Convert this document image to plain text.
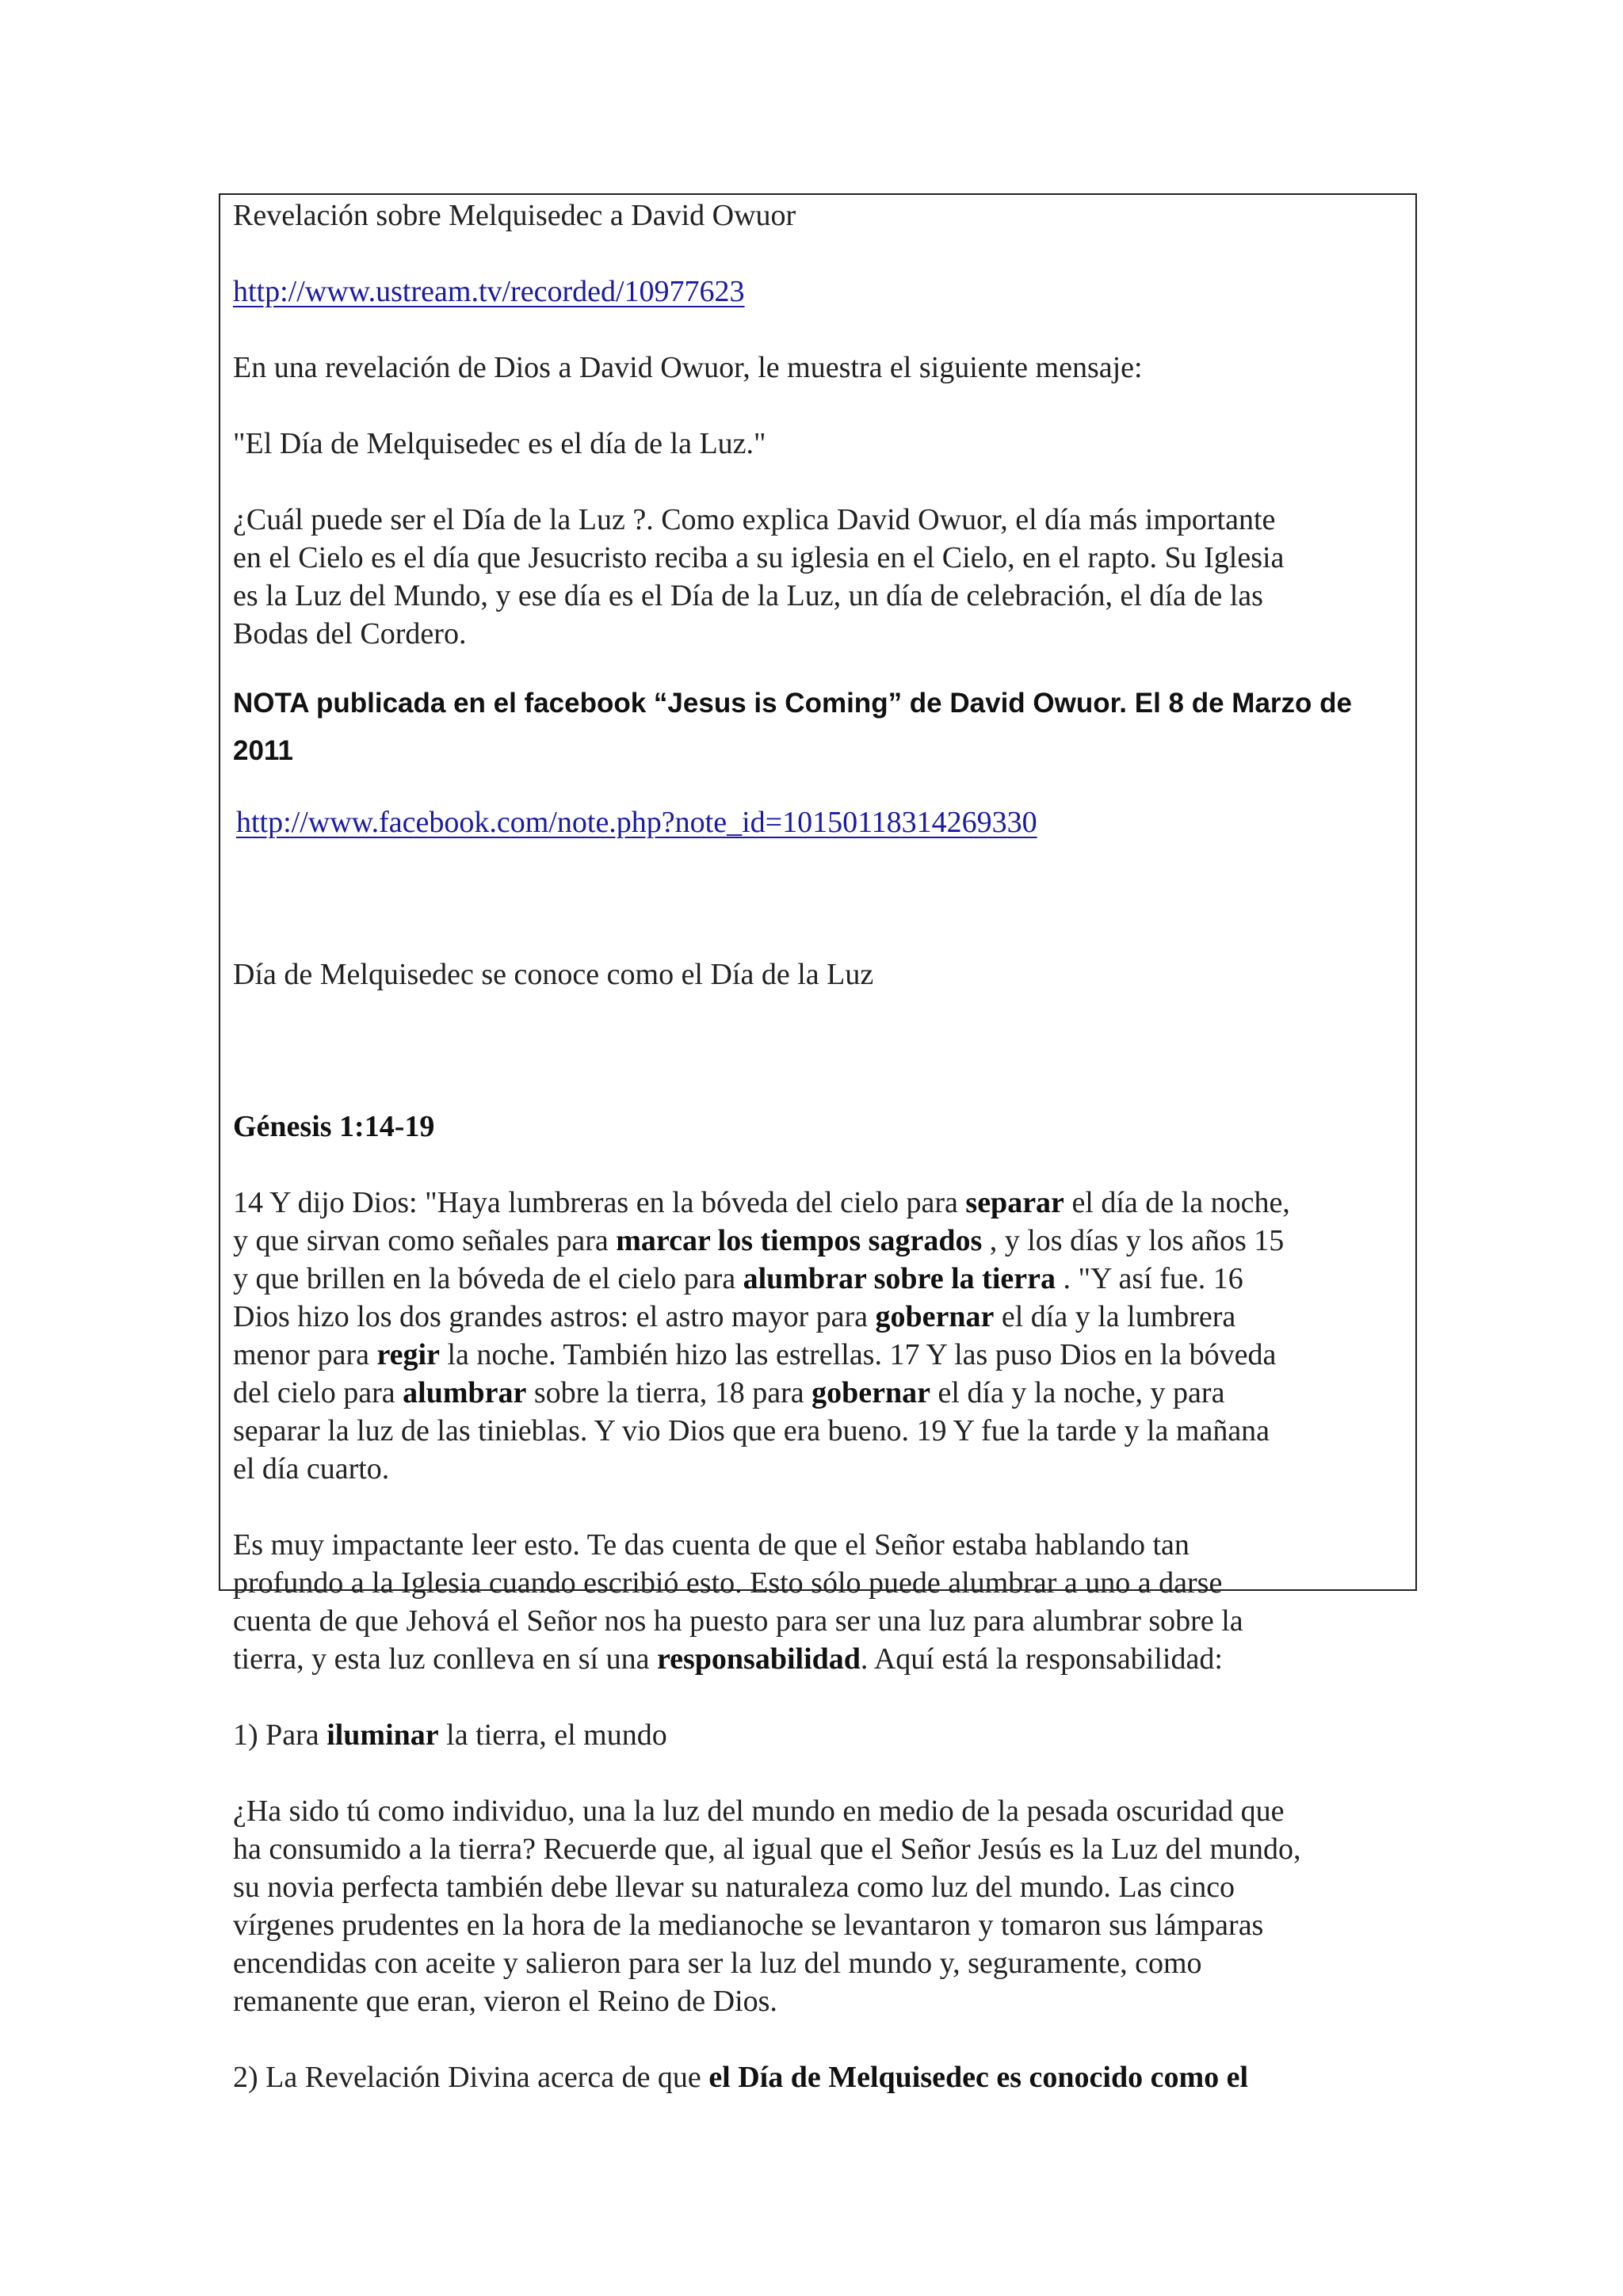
Revelación sobre Melquisedec a David Owuor

http://www.ustream.tv/recorded/10977623

En una revelación de Dios a David Owuor, le muestra el siguiente mensaje:

"El Día de Melquisedec es el día de la Luz."

¿Cuál puede ser el Día de la Luz ?. Como explica David Owuor, el día más importante
en el Cielo es el día que Jesucristo reciba a su iglesia en el Cielo, en el rapto. Su Iglesia
es la Luz del Mundo, y ese día es el Día de la Luz, un día de celebración, el día de las
Bodas del Cordero.

NOTA publicada en el facebook “Jesus is Coming” de David Owuor. El 8 de Marzo de
2011

http://www.facebook.com/note.php?note_id=10150118314269330

Día de Melquisedec se conoce como el Día de la Luz

Génesis 1:14-19

14 Y dijo Dios: "Haya lumbreras en la bóveda del cielo para separar el día de la noche,
y que sirvan como señales para marcar los tiempos sagrados , y los días y los años 15
y que brillen en la bóveda de el cielo para alumbrar sobre la tierra . "Y así fue. 16
Dios hizo los dos grandes astros: el astro mayor para gobernar el día y la lumbrera
menor para regir la noche. También hizo las estrellas. 17 Y las puso Dios en la bóveda
del cielo para alumbrar sobre la tierra, 18 para gobernar el día y la noche, y para
separar la luz de las tinieblas. Y vio Dios que era bueno. 19 Y fue la tarde y la mañana
el día cuarto.

Es muy impactante leer esto. Te das cuenta de que el Señor estaba hablando tan
profundo a la Iglesia cuando escribió esto. Esto sólo puede alumbrar a uno a darse
cuenta de que Jehová el Señor nos ha puesto para ser una luz para alumbrar sobre la
tierra, y esta luz conlleva en sí una responsabilidad. Aquí está la responsabilidad:

1) Para iluminar la tierra, el mundo

¿Ha sido tú como individuo, una la luz del mundo en medio de la pesada oscuridad que
ha consumido a la tierra? Recuerde que, al igual que el Señor Jesús es la Luz del mundo,
su novia perfecta también debe llevar su naturaleza como luz del mundo. Las cinco
vírgenes prudentes en la hora de la medianoche se levantaron y tomaron sus lámparas
encendidas con aceite y salieron para ser la luz del mundo y, seguramente, como
remanente que eran, vieron el Reino de Dios.

2) La Revelación Divina acerca de que el Día de Melquisedec es conocido como el
